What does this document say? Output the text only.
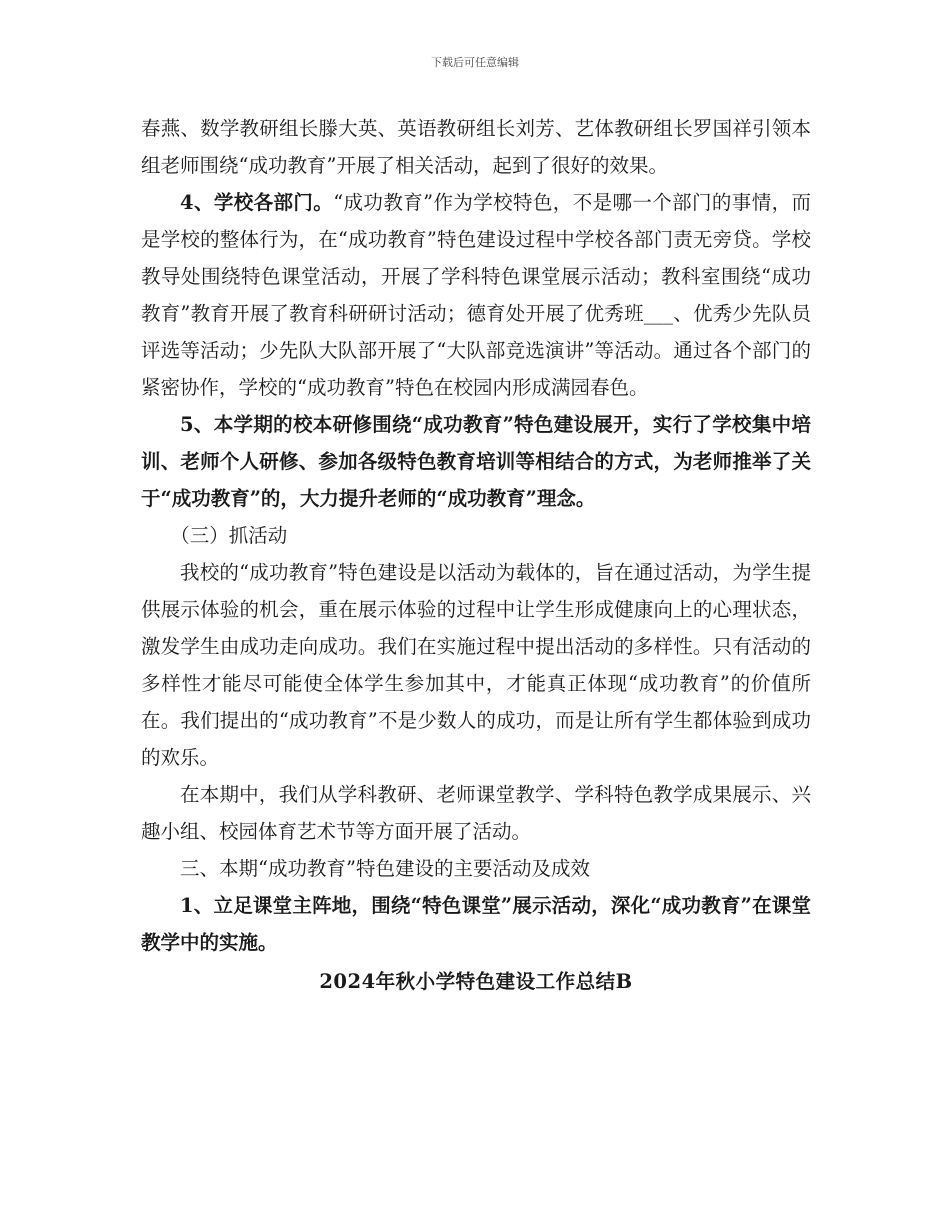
下载后可任意编辑

春燕、数学教研组长滕大英、英语教研组长刘芳、艺体教研组长罗国祥引领本组老师围绕“成功教育”开展了相关活动，起到了很好的效果。

4、学校各部门。“成功教育”作为学校特色，不是哪一个部门的事情，而是学校的整体行为，在“成功教育”特色建设过程中学校各部门责无旁贷。学校教导处围绕特色课堂活动，开展了学科特色课堂展示活动；教科室围绕“成功教育”教育开展了教育科研研讨活动；德育处开展了优秀班___、优秀少先队员评选等活动；少先队大队部开展了“大队部竞选演讲”等活动。通过各个部门的紧密协作，学校的“成功教育”特色在校园内形成满园春色。

5、本学期的校本研修围绕“成功教育”特色建设展开，实行了学校集中培训、老师个人研修、参加各级特色教育培训等相结合的方式，为老师推举了关于“成功教育”的，大力提升老师的“成功教育”理念。

（三）抓活动

我校的“成功教育”特色建设是以活动为载体的，旨在通过活动，为学生提供展示体验的机会，重在展示体验的过程中让学生形成健康向上的心理状态，激发学生由成功走向成功。我们在实施过程中提出活动的多样性。只有活动的多样性才能尽可能使全体学生参加其中，才能真正体现“成功教育”的价值所在。我们提出的“成功教育”不是少数人的成功，而是让所有学生都体验到成功的欢乐。

在本期中，我们从学科教研、老师课堂教学、学科特色教学成果展示、兴趣小组、校园体育艺术节等方面开展了活动。

三、本期“成功教育”特色建设的主要活动及成效

1、立足课堂主阵地，围绕“特色课堂”展示活动，深化“成功教育”在课堂教学中的实施。

2024年秋小学特色建设工作总结B
